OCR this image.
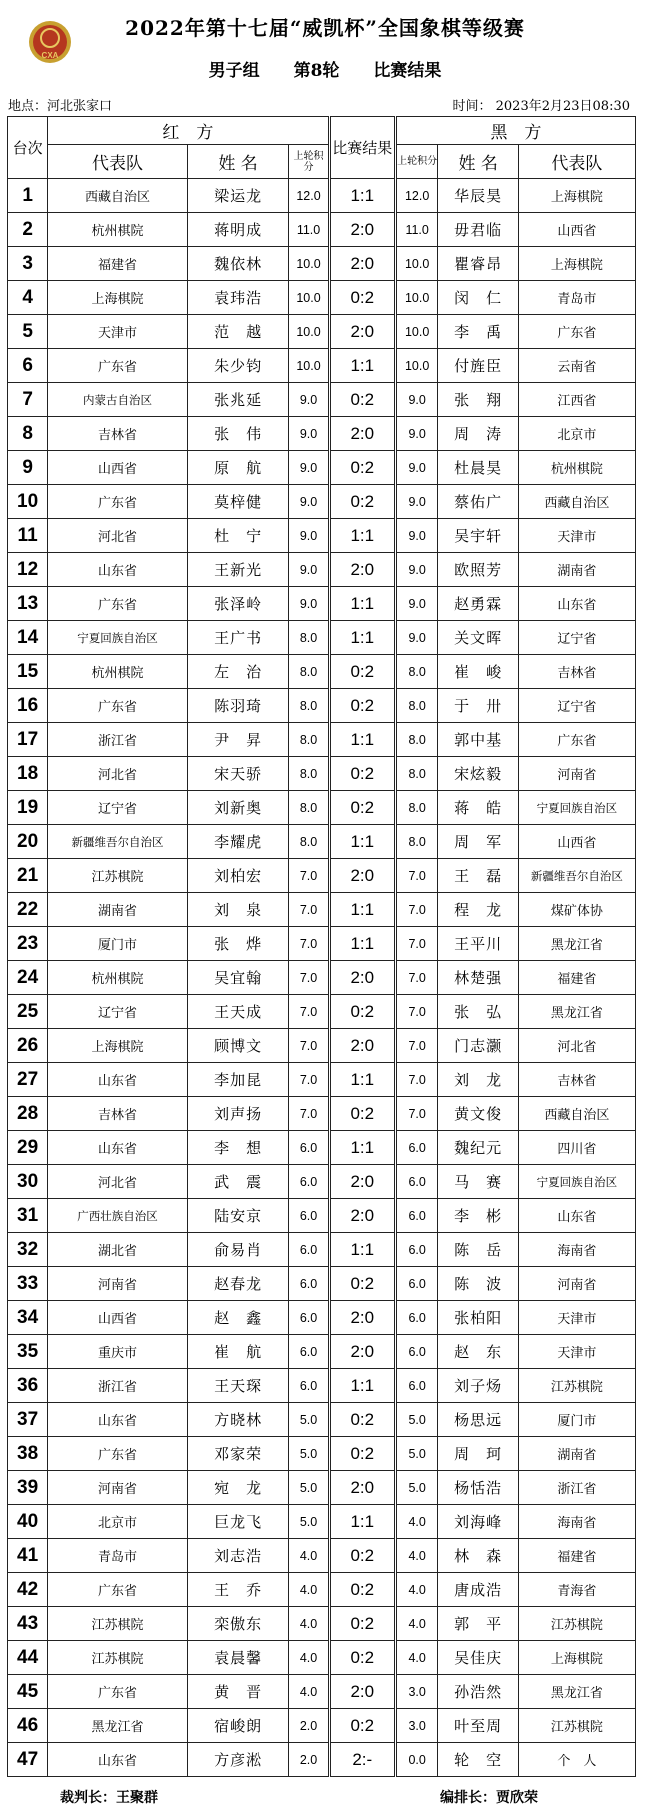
CXA
2022年第十七届“威凯杯”全国象棋等级赛
男子组 第8轮 比赛结果
地点：河北张家口	时间： 2023年2月23日08:30
台次	红　方			比赛结果	黑　方		
	代表队	姓 名	上轮积分		上轮积分	姓 名	代表队
1	西藏自治区	梁运龙	12.0	1:1	12.0	华辰昊	上海棋院
2	杭州棋院	蒋明成	11.0	2:0	11.0	毋君临	山西省
3	福建省	魏依林	10.0	2:0	10.0	瞿睿昂	上海棋院
4	上海棋院	袁玮浩	10.0	0:2	10.0	闵　仁	青岛市
5	天津市	范　越	10.0	2:0	10.0	李　禹	广东省
6	广东省	朱少钧	10.0	1:1	10.0	付旌臣	云南省
7	内蒙古自治区	张兆延	9.0	0:2	9.0	张　翔	江西省
8	吉林省	张　伟	9.0	2:0	9.0	周　涛	北京市
9	山西省	原　航	9.0	0:2	9.0	杜晨昊	杭州棋院
10	广东省	莫梓健	9.0	0:2	9.0	蔡佑广	西藏自治区
11	河北省	杜　宁	9.0	1:1	9.0	吴宇轩	天津市
12	山东省	王新光	9.0	2:0	9.0	欧照芳	湖南省
13	广东省	张泽岭	9.0	1:1	9.0	赵勇霖	山东省
14	宁夏回族自治区	王广书	8.0	1:1	9.0	关文晖	辽宁省
15	杭州棋院	左　治	8.0	0:2	8.0	崔　峻	吉林省
16	广东省	陈羽琦	8.0	0:2	8.0	于　卅	辽宁省
17	浙江省	尹　昇	8.0	1:1	8.0	郭中基	广东省
18	河北省	宋天骄	8.0	0:2	8.0	宋炫毅	河南省
19	辽宁省	刘新奥	8.0	0:2	8.0	蒋　皓	宁夏回族自治区
20	新疆维吾尔自治区	李耀虎	8.0	1:1	8.0	周　军	山西省
21	江苏棋院	刘柏宏	7.0	2:0	7.0	王　磊	新疆维吾尔自治区
22	湖南省	刘　泉	7.0	1:1	7.0	程　龙	煤矿体协
23	厦门市	张　烨	7.0	1:1	7.0	王平川	黑龙江省
24	杭州棋院	吴宜翰	7.0	2:0	7.0	林楚强	福建省
25	辽宁省	王天成	7.0	0:2	7.0	张　弘	黑龙江省
26	上海棋院	顾博文	7.0	2:0	7.0	门志灏	河北省
27	山东省	李加昆	7.0	1:1	7.0	刘　龙	吉林省
28	吉林省	刘声扬	7.0	0:2	7.0	黄文俊	西藏自治区
29	山东省	李　想	6.0	1:1	6.0	魏纪元	四川省
30	河北省	武　震	6.0	2:0	6.0	马　赛	宁夏回族自治区
31	广西壮族自治区	陆安京	6.0	2:0	6.0	李　彬	山东省
32	湖北省	俞易肖	6.0	1:1	6.0	陈　岳	海南省
33	河南省	赵春龙	6.0	0:2	6.0	陈　波	河南省
34	山西省	赵　鑫	6.0	2:0	6.0	张柏阳	天津市
35	重庆市	崔　航	6.0	2:0	6.0	赵　东	天津市
36	浙江省	王天琛	6.0	1:1	6.0	刘子炀	江苏棋院
37	山东省	方晓林	5.0	0:2	5.0	杨思远	厦门市
38	广东省	邓家荣	5.0	0:2	5.0	周　珂	湖南省
39	河南省	宛　龙	5.0	2:0	5.0	杨恬浩	浙江省
40	北京市	巨龙飞	5.0	1:1	4.0	刘海峰	海南省
41	青岛市	刘志浩	4.0	0:2	4.0	林　森	福建省
42	广东省	王　乔	4.0	0:2	4.0	唐成浩	青海省
43	江苏棋院	栾傲东	4.0	0:2	4.0	郭　平	江苏棋院
44	江苏棋院	袁晨馨	4.0	0:2	4.0	吴佳庆	上海棋院
45	广东省	黄　晋	4.0	2:0	3.0	孙浩然	黑龙江省
46	黑龙江省	宿峻朗	2.0	0:2	3.0	叶至周	江苏棋院
47	山东省	方彦淞	2.0	2:-	0.0	轮　空	个　人
裁判长：王聚群	编排长：贾欣荣
